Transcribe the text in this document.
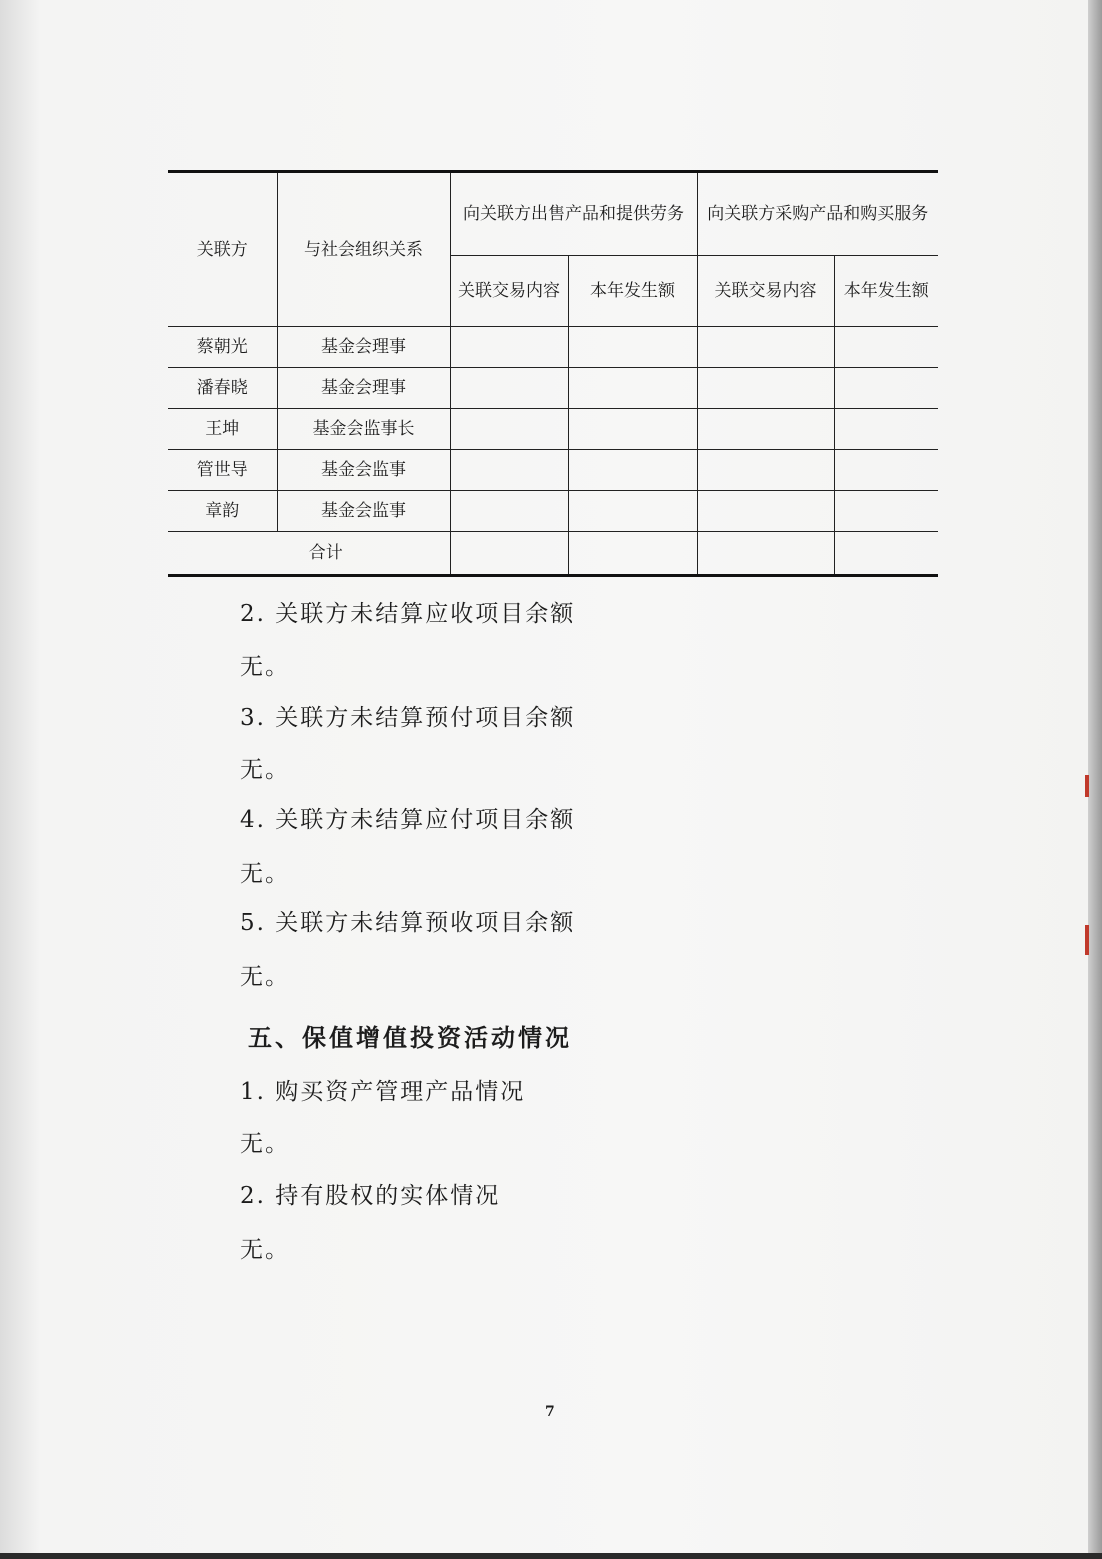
关联方	与社会组织关系	向关联方出售产品和提供劳务		向关联方采购产品和购买服务	
		关联交易内容	本年发生额	关联交易内容	本年发生额
蔡朝光	基金会理事				
潘春晓	基金会理事				
王坤	基金会监事长				
管世导	基金会监事				
章韵	基金会监事				
合计					
2. 关联方未结算应收项目余额
无。
3. 关联方未结算预付项目余额
无。
4. 关联方未结算应付项目余额
无。
5. 关联方未结算预收项目余额
无。
五、保值增值投资活动情况
1. 购买资产管理产品情况
无。
2. 持有股权的实体情况
无。
7
